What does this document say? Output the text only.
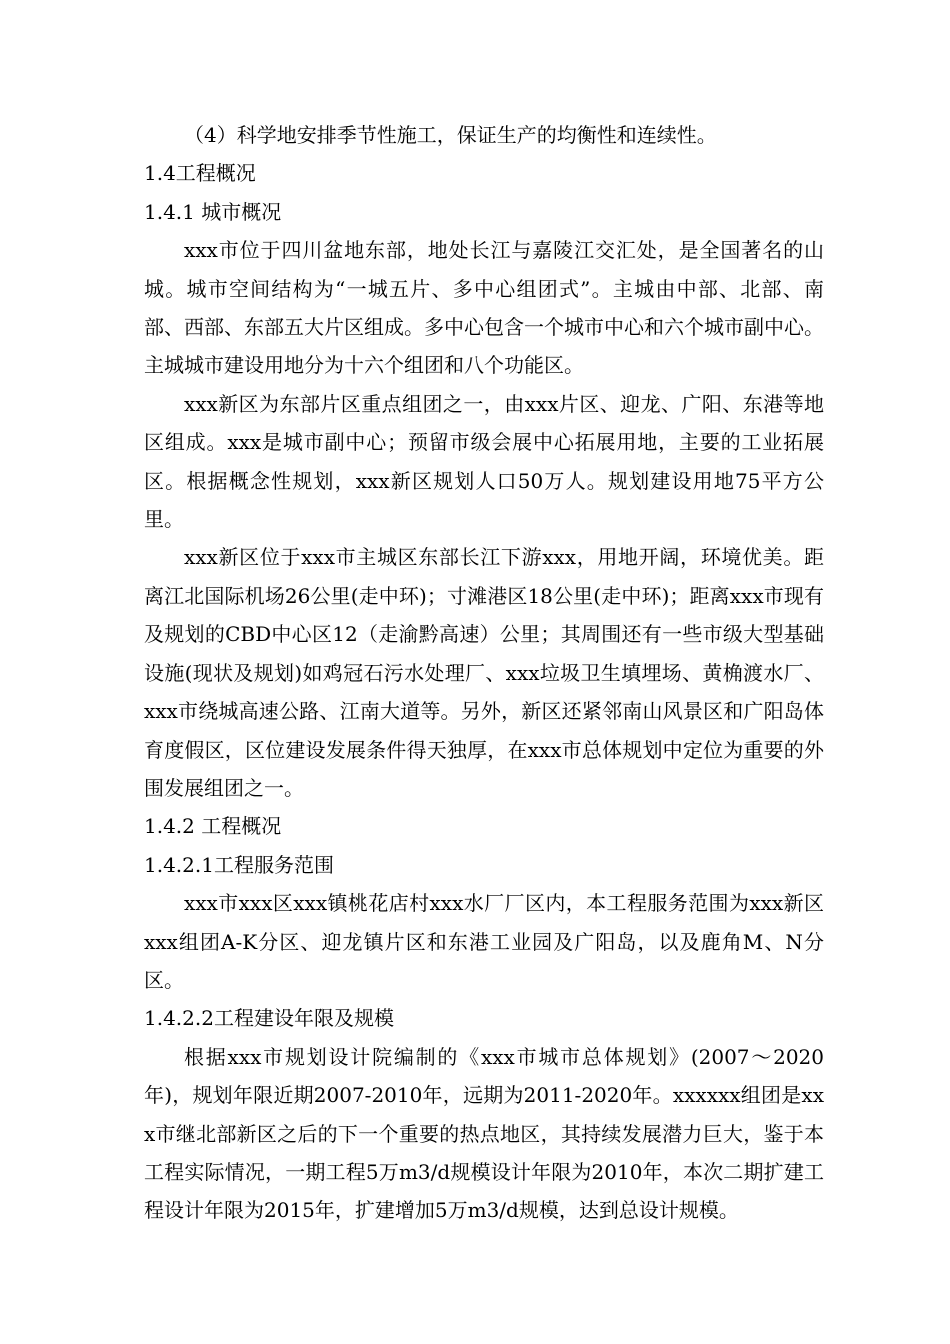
（4）科学地安排季节性施工，保证生产的均衡性和连续性。

1.4工程概况

1.4.1 城市概况

xxx市位于四川盆地东部，地处长江与嘉陵江交汇处，是全国著名的山城。城市空间结构为“一城五片、多中心组团式”。主城由中部、北部、南部、西部、东部五大片区组成。多中心包含一个城市中心和六个城市副中心。主城城市建设用地分为十六个组团和八个功能区。

xxx新区为东部片区重点组团之一，由xxx片区、迎龙、广阳、东港等地区组成。xxx是城市副中心；预留市级会展中心拓展用地，主要的工业拓展区。根据概念性规划，xxx新区规划人口50万人。规划建设用地75平方公里。

xxx新区位于xxx市主城区东部长江下游xxx，用地开阔，环境优美。距离江北国际机场26公里(走中环)；寸滩港区18公里(走中环)；距离xxx市现有及规划的CBD中心区12（走渝黔高速）公里；其周围还有一些市级大型基础设施(现状及规划)如鸡冠石污水处理厂、xxx垃圾卫生填埋场、黄桷渡水厂、xxx市绕城高速公路、江南大道等。另外，新区还紧邻南山风景区和广阳岛体育度假区，区位建设发展条件得天独厚，在xxx市总体规划中定位为重要的外围发展组团之一。

1.4.2 工程概况

1.4.2.1工程服务范围

xxx市xxx区xxx镇桃花店村xxx水厂厂区内，本工程服务范围为xxx新区xxx组团A-K分区、迎龙镇片区和东港工业园及广阳岛，以及鹿角M、N分区。

1.4.2.2工程建设年限及规模

根据xxx市规划设计院编制的《xxx市城市总体规划》(2007～2020年)，规划年限近期2007-2010年，远期为2011-2020年。xxxxxx组团是xxx市继北部新区之后的下一个重要的热点地区，其持续发展潜力巨大，鉴于本工程实际情况，一期工程5万m3/d规模设计年限为2010年，本次二期扩建工程设计年限为2015年，扩建增加5万m3/d规模，达到总设计规模。
